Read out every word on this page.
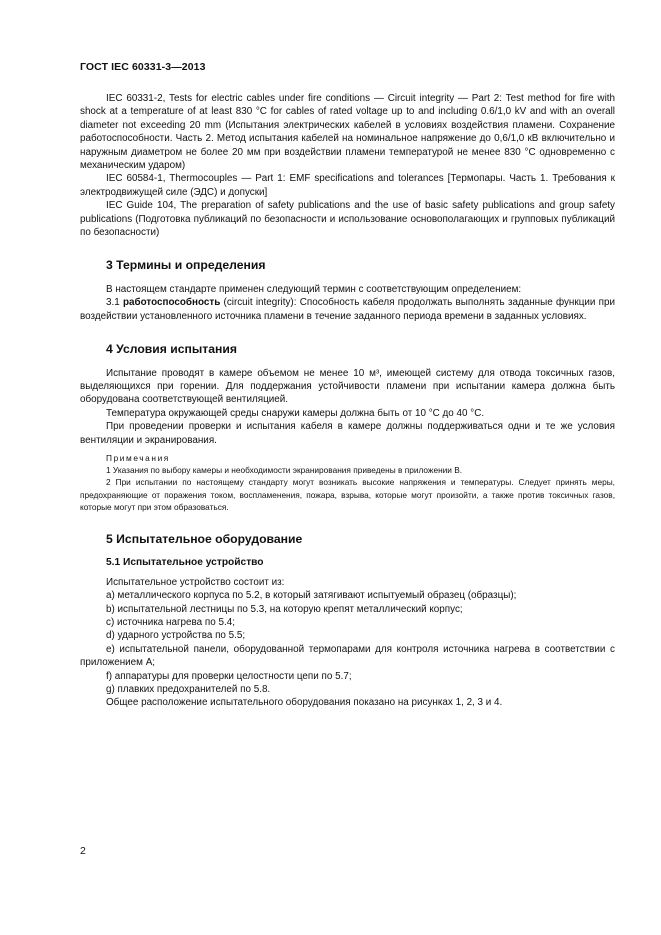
ГОСТ IEC 60331-3—2013

IEC 60331-2, Tests for electric cables under fire conditions — Circuit integrity — Part 2: Test method for fire with shock at a temperature of at least 830 °C for cables of rated voltage up to and including 0.6/1,0 kV and with an overall diameter not exceeding 20 mm (Испытания электрических кабелей в условиях воздействия пламени. Сохранение работоспособности. Часть 2. Метод испытания кабелей на номинальное напряжение до 0,6/1,0 кВ включительно и наружным диаметром не более 20 мм при воздействии пламени температурой не менее 830 °С одновременно с механическим ударом)

IEC 60584-1, Thermocouples — Part 1: EMF specifications and tolerances [Термопары. Часть 1. Требования к электродвижущей силе (ЭДС) и допуски]

IEC Guide 104, The preparation of safety publications and the use of basic safety publications and group safety publications (Подготовка публикаций по безопасности и использование основополагающих и групповых публикаций по безопасности)

3 Термины и определения

В настоящем стандарте применен следующий термин с соответствующим определением:

3.1 работоспособность (circuit integrity): Способность кабеля продолжать выполнять заданные функции при воздействии установленного источника пламени в течение заданного периода времени в заданных условиях.

4 Условия испытания

Испытание проводят в камере объемом не менее 10 м³, имеющей систему для отвода токсичных газов, выделяющихся при горении. Для поддержания устойчивости пламени при испытании камера должна быть оборудована соответствующей вентиляцией.

Температура окружающей среды снаружи камеры должна быть от 10 °С до 40 °С.

При проведении проверки и испытания кабеля в камере должны поддерживаться одни и те же условия вентиляции и экранирования.

Примечания

1 Указания по выбору камеры и необходимости экранирования приведены в приложении В.

2 При испытании по настоящему стандарту могут возникать высокие напряжения и температуры. Следует принять меры, предохраняющие от поражения током, воспламенения, пожара, взрыва, которые могут произойти, а также против токсичных газов, которые могут при этом образоваться.

5 Испытательное оборудование
5.1 Испытательное устройство

Испытательное устройство состоит из:

a) металлического корпуса по 5.2, в который затягивают испытуемый образец (образцы);

b) испытательной лестницы по 5.3, на которую крепят металлический корпус;

c) источника нагрева по 5.4;

d) ударного устройства по 5.5;

e) испытательной панели, оборудованной термопарами для контроля источника нагрева в соответствии с приложением А;

f) аппаратуры для проверки целостности цепи по 5.7;

g) плавких предохранителей по 5.8.

Общее расположение испытательного оборудования показано на рисунках 1, 2, 3 и 4.

2
